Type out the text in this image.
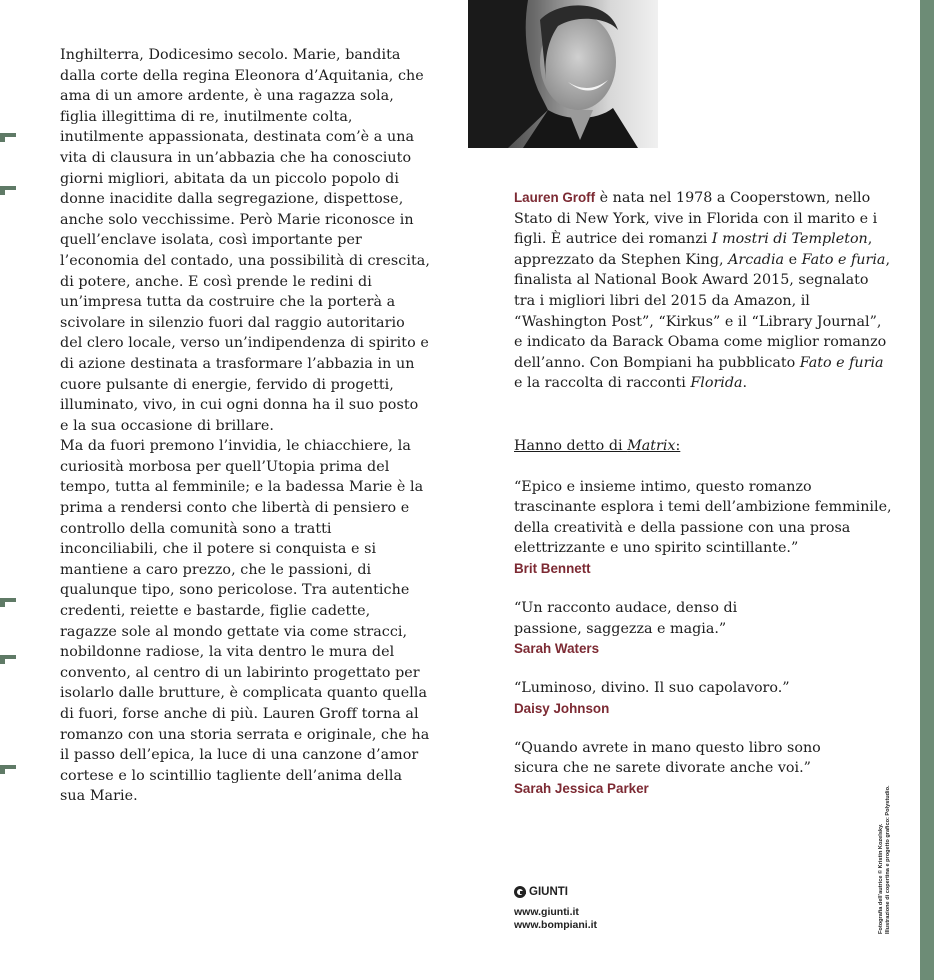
Inghilterra, Dodicesimo secolo. Marie, bandita dalla corte della regina Eleonora d’Aquitania, che ama di un amore ardente, è una ragazza sola, figlia illegittima di re, inutilmente colta, inutilmente appassionata, destinata com’è a una vita di clausura in un’abbazia che ha conosciuto giorni migliori, abitata da un piccolo popolo di donne inacidite dalla segregazione, dispettose, anche solo vecchissime. Però Marie riconosce in quell’enclave isolata, così importante per l’economia del contado, una possibilità di crescita, di potere, anche. E così prende le redini di un’impresa tutta da costruire che la porterà a scivolare in silenzio fuori dal raggio autoritario del clero locale, verso un’indipendenza di spirito e di azione destinata a trasformare l’abbazia in un cuore pulsante di energie, fervido di progetti, illuminato, vivo, in cui ogni donna ha il suo posto e la sua occasione di brillare.

Ma da fuori premono l’invidia, le chiacchiere, la curiosità morbosa per quell’Utopia prima del tempo, tutta al femminile; e la badessa Marie è la prima a rendersi conto che libertà di pensiero e controllo della comunità sono a tratti inconciliabili, che il potere si conquista e si mantiene a caro prezzo, che le passioni, di qualunque tipo, sono pericolose. Tra autentiche credenti, reiette e bastarde, figlie cadette, ragazze sole al mondo gettate via come stracci, nobildonne radiose, la vita dentro le mura del convento, al centro di un labirinto progettato per isolarlo dalle brutture, è complicata quanto quella di fuori, forse anche di più. Lauren Groff torna al romanzo con una storia serrata e originale, che ha il passo dell’epica, la luce di una canzone d’amor cortese e lo scintillio tagliente dell’anima della sua Marie.

Lauren Groff è nata nel 1978 a Cooperstown, nello Stato di New York, vive in Florida con il marito e i figli. È autrice dei romanzi I mostri di Templeton, apprezzato da Stephen King, Arcadia e Fato e furia, finalista al National Book Award 2015, segnalato tra i migliori libri del 2015 da Amazon, il “Washington Post”, “Kirkus” e il “Library Journal”, e indicato da Barack Obama come miglior romanzo dell’anno. Con Bompiani ha pubblicato Fato e furia e la raccolta di racconti Florida.

Hanno detto di Matrix:

“Epico e insieme intimo, questo romanzo trascinante esplora i temi dell’ambizione femminile, della creatività e della passione con una prosa elettrizzante e uno spirito scintillante.”
Brit Bennett

“Un racconto audace, denso di passione, saggezza e magia.”
Sarah Waters

“Luminoso, divino. Il suo capolavoro.”
Daisy Johnson

“Quando avrete in mano questo libro sono sicura che ne sarete divorate anche voi.”
Sarah Jessica Parker

GIUNTI
www.giunti.it
www.bompiani.it	Fotografia dell’autrice © Kristin Kozelsky. Illustrazione di copertina e progetto grafico: Polystudio.
